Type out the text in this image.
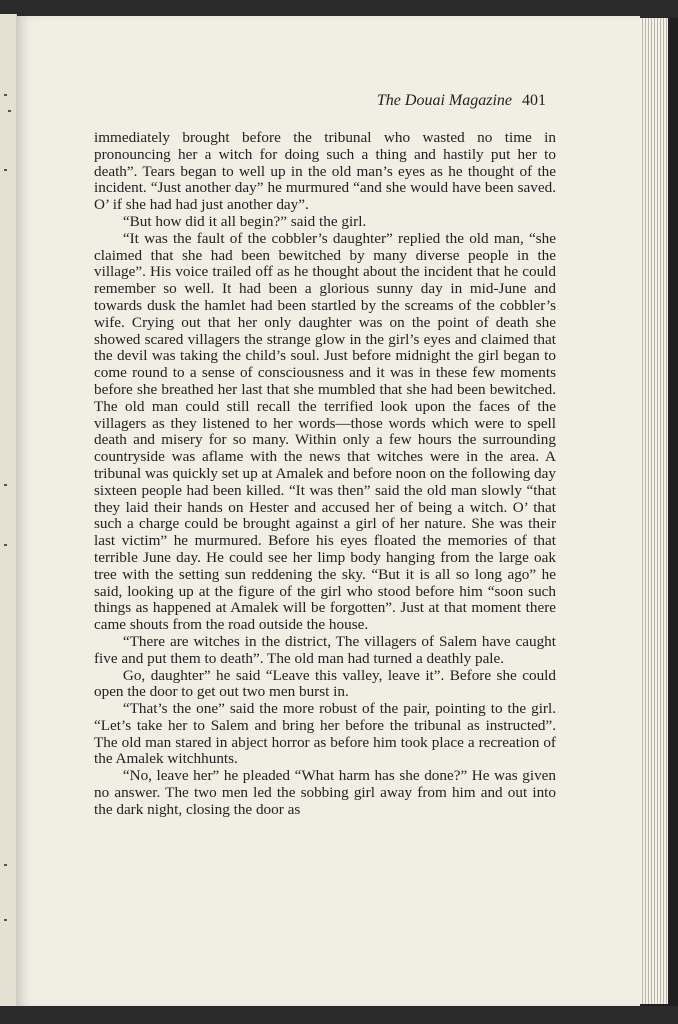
The Douai Magazine 401

immediately brought before the tribunal who wasted no time in pronouncing her a witch for doing such a thing and hastily put her to death”. Tears began to well up in the old man’s eyes as he thought of the incident. “Just another day” he murmured “and she would have been saved. O’ if she had had just another day”.

“But how did it all begin?” said the girl.

“It was the fault of the cobbler’s daughter” replied the old man, “she claimed that she had been bewitched by many diverse people in the village”. His voice trailed off as he thought about the incident that he could remember so well. It had been a glorious sunny day in mid-June and towards dusk the hamlet had been startled by the screams of the cobbler’s wife. Crying out that her only daughter was on the point of death she showed scared villagers the strange glow in the girl’s eyes and claimed that the devil was taking the child’s soul. Just before midnight the girl began to come round to a sense of consciousness and it was in these few moments before she breathed her last that she mumbled that she had been bewitched. The old man could still recall the terrified look upon the faces of the villagers as they listened to her words—those words which were to spell death and misery for so many. Within only a few hours the surrounding countryside was aflame with the news that witches were in the area. A tribunal was quickly set up at Amalek and before noon on the following day sixteen people had been killed. “It was then” said the old man slowly “that they laid their hands on Hester and accused her of being a witch. O’ that such a charge could be brought against a girl of her nature. She was their last victim” he murmured. Before his eyes floated the memories of that terrible June day. He could see her limp body hanging from the large oak tree with the setting sun reddening the sky. “But it is all so long ago” he said, looking up at the figure of the girl who stood before him “soon such things as happened at Amalek will be forgotten”. Just at that moment there came shouts from the road outside the house.

“There are witches in the district, The villagers of Salem have caught five and put them to death”. The old man had turned a deathly pale.

Go, daughter” he said “Leave this valley, leave it”. Before she could open the door to get out two men burst in.

“That’s the one” said the more robust of the pair, pointing to the girl. “Let’s take her to Salem and bring her before the tribunal as instructed”. The old man stared in abject horror as before him took place a recreation of the Amalek witchhunts.

“No, leave her” he pleaded “What harm has she done?” He was given no answer. The two men led the sobbing girl away from him and out into the dark night, closing the door as
